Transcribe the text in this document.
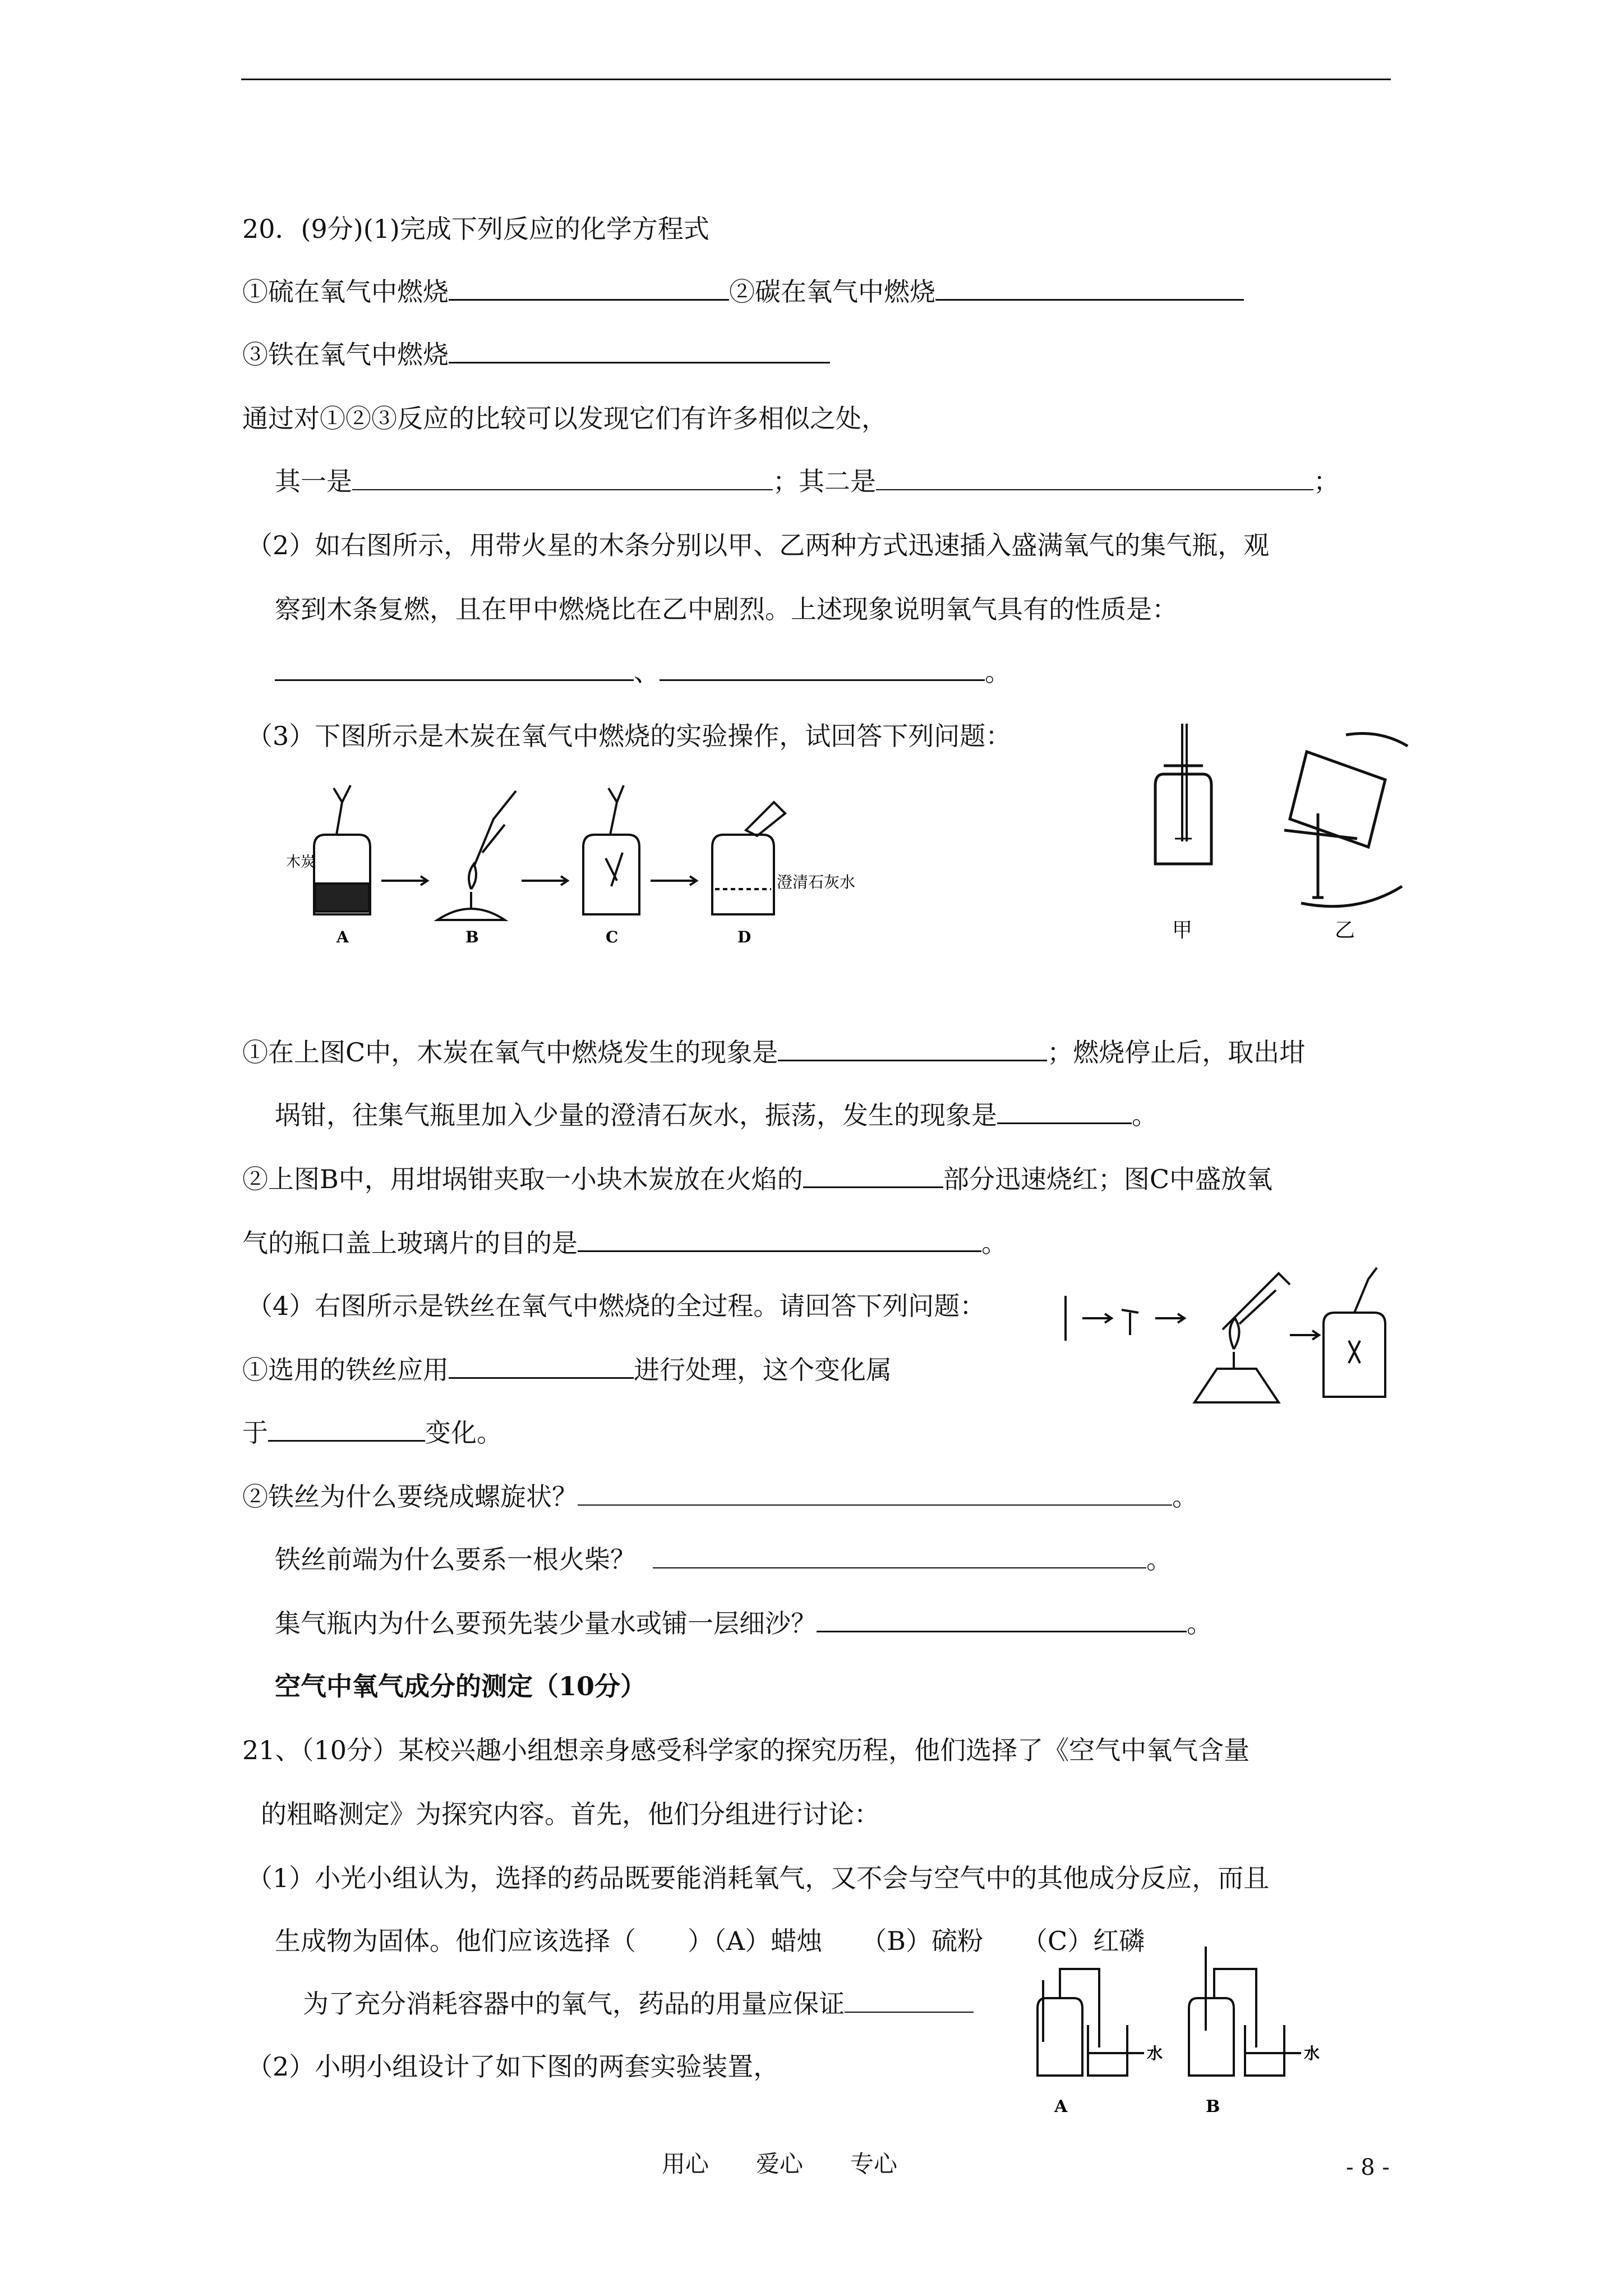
20．(9分)(1)完成下列反应的化学方程式
①硫在氧气中燃烧	②碳在氧气中燃烧
③铁在氧气中燃烧
通过对①②③反应的比较可以发现它们有许多相似之处，
其一是	；其二是	；
（2）如右图所示，用带火星的木条分别以甲、乙两种方式迅速插入盛满氧气的集气瓶，观
察到木条复燃，且在甲中燃烧比在乙中剧烈。上述现象说明氧气具有的性质是：
、	。
（3）下图所示是木炭在氧气中燃烧的实验操作，试回答下列问题：
木炭
澄清石灰水
A	B	C	D	甲	乙
①在上图C中，木炭在氧气中燃烧发生的现象是	；燃烧停止后，取出坩
埚钳，往集气瓶里加入少量的澄清石灰水，振荡，发生的现象是	。
②上图B中，用坩埚钳夹取一小块木炭放在火焰的	部分迅速烧红；图C中盛放氧
气的瓶口盖上玻璃片的目的是	。
（4）右图所示是铁丝在氧气中燃烧的全过程。请回答下列问题：
①选用的铁丝应用	进行处理，这个变化属
于	变化。
②铁丝为什么要绕成螺旋状？	。
铁丝前端为什么要系一根火柴？	。
集气瓶内为什么要预先装少量水或铺一层细沙？	。
空气中氧气成分的测定（10分）
21、（10分）某校兴趣小组想亲身感受科学家的探究历程，他们选择了《空气中氧气含量
的粗略测定》为探究内容。首先，他们分组进行讨论：
（1）小光小组认为，选择的药品既要能消耗氧气，又不会与空气中的其他成分反应，而且
生成物为固体。他们应该选择（　　）（A）蜡烛　　（B）硫粉　　（C）红磷
为了充分消耗容器中的氧气，药品的用量应保证
（2）小明小组设计了如下图的两套实验装置，	水	水
A	B
用心　　爱心　　专心	- 8 -
